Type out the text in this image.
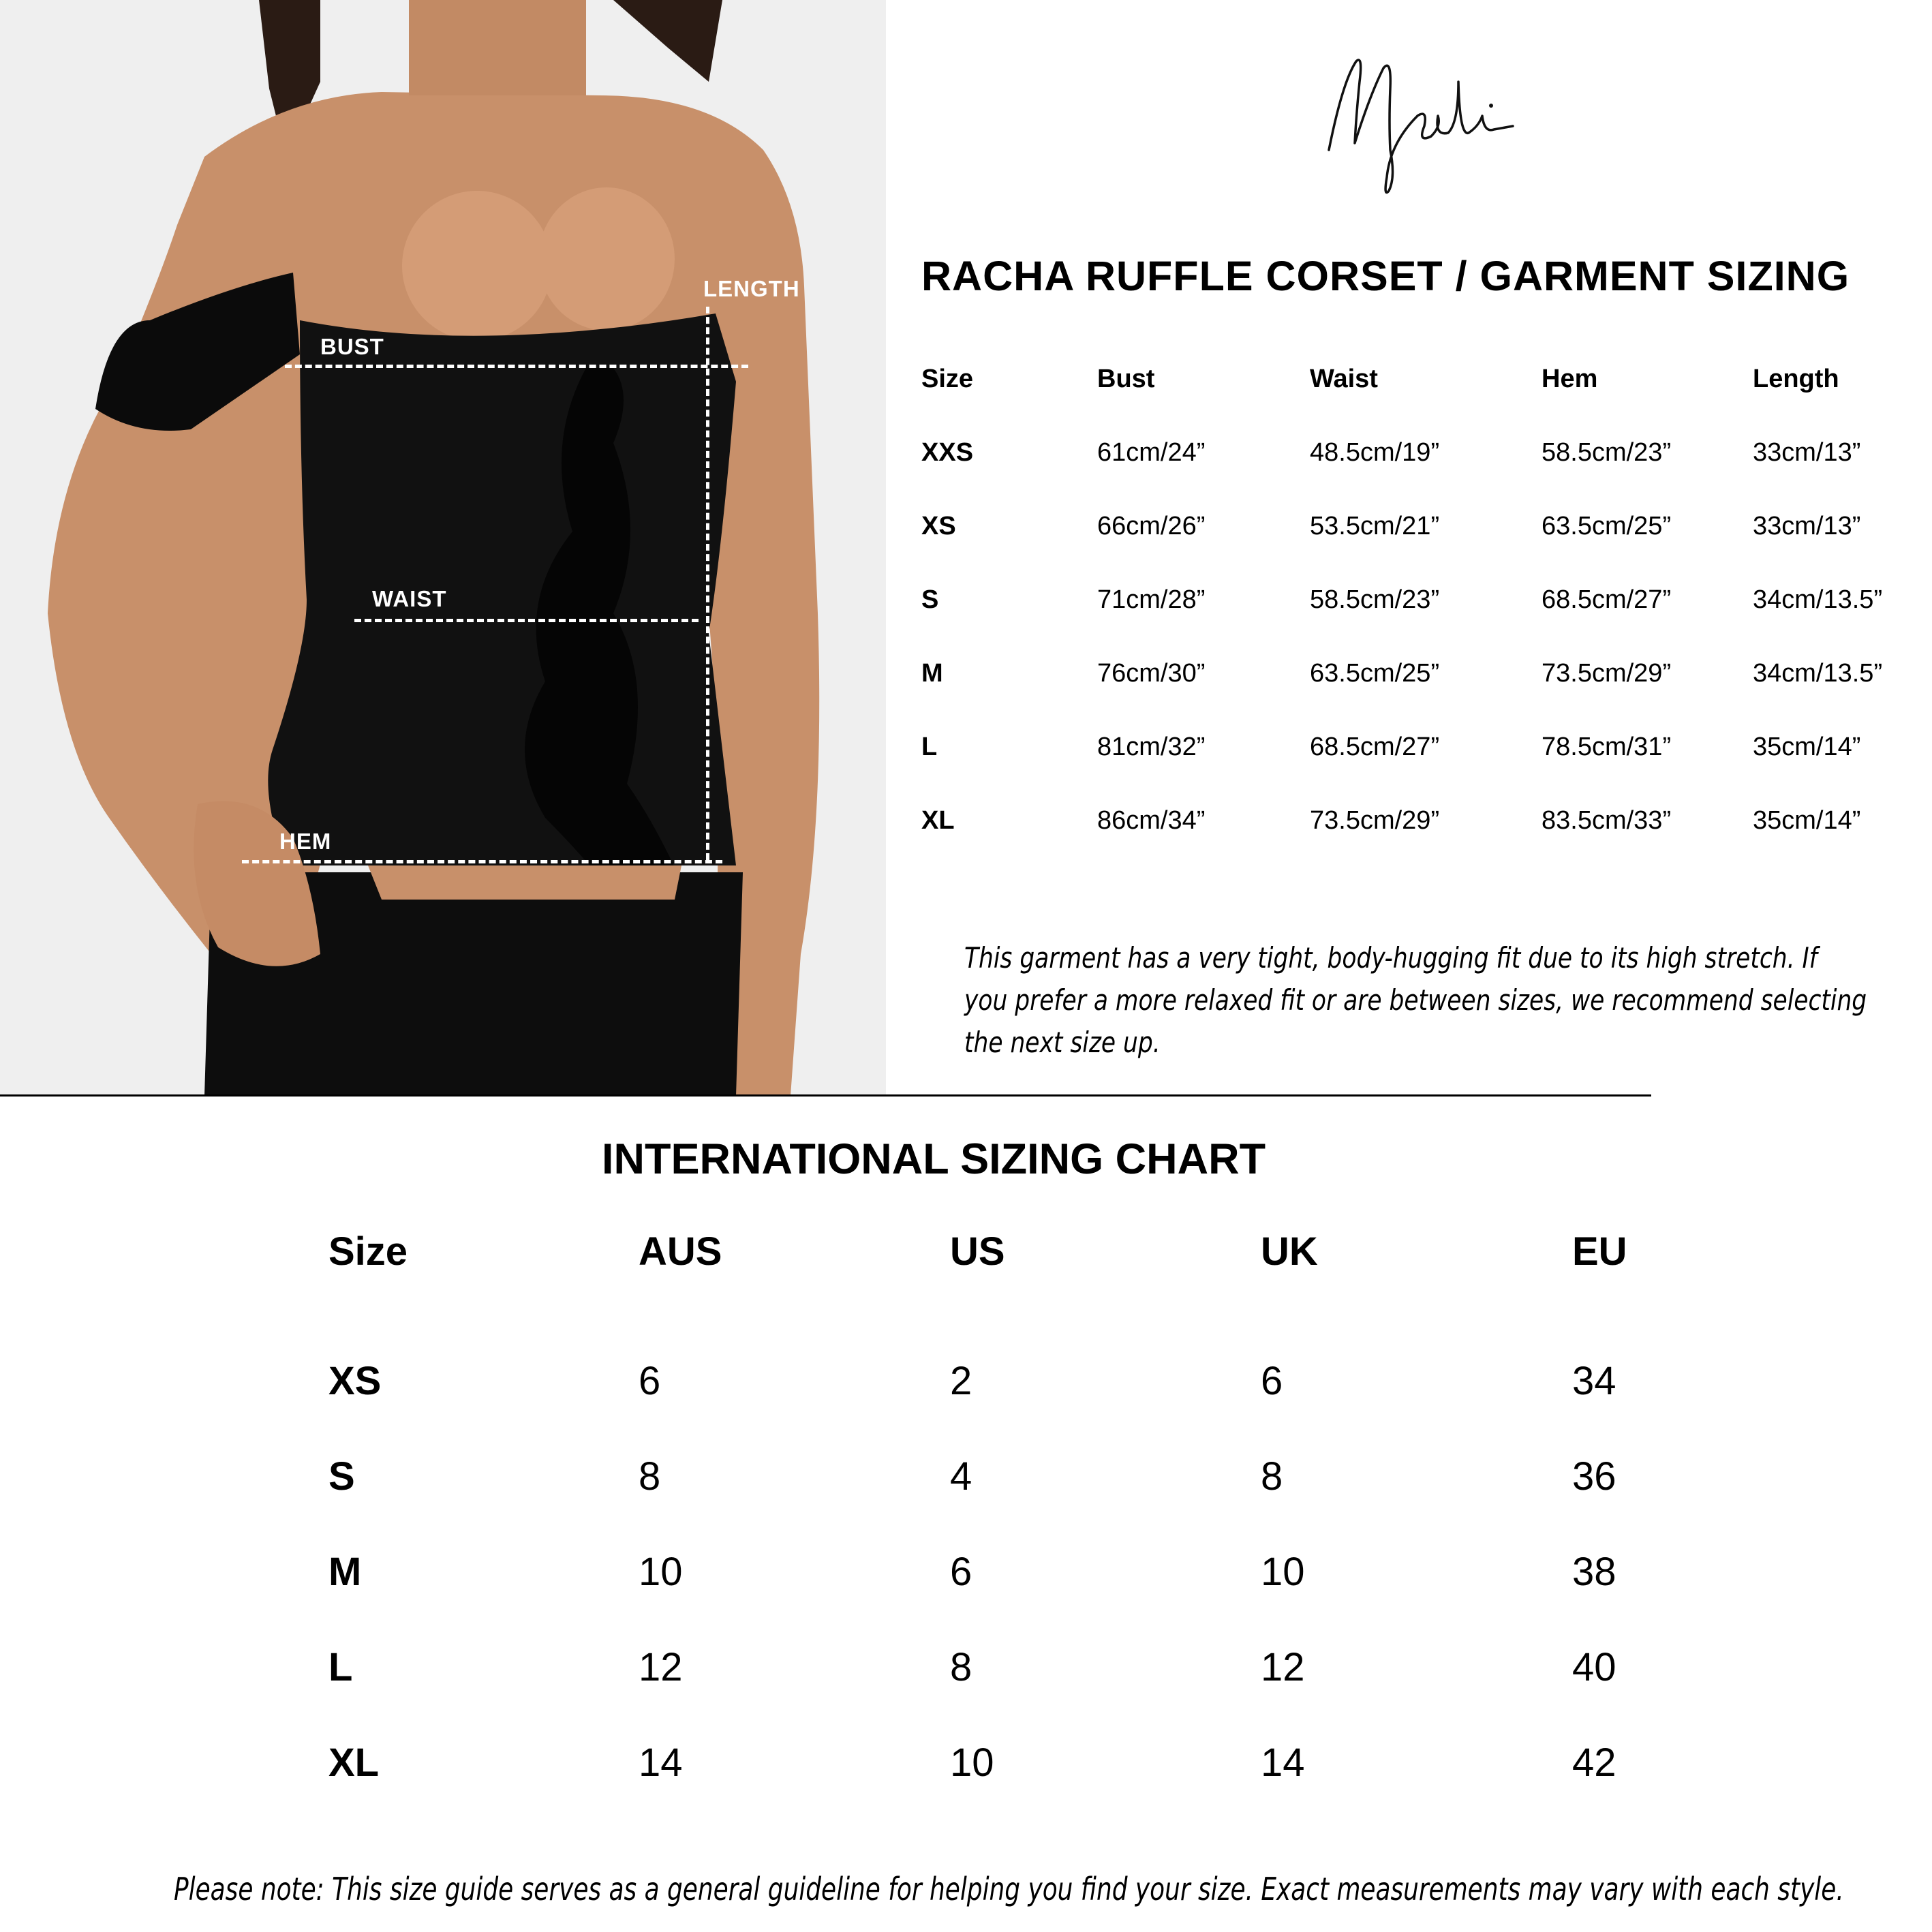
BUST
WAIST
HEM
LENGTH	RACHA RUFFLE CORSET / GARMENT SIZING
Size	Bust	Waist	Hem	Length
XXS	61cm/24”	48.5cm/19”	58.5cm/23”	33cm/13”
XS	66cm/26”	53.5cm/21”	63.5cm/25”	33cm/13”
S	71cm/28”	58.5cm/23”	68.5cm/27”	34cm/13.5”
M	76cm/30”	63.5cm/25”	73.5cm/29”	34cm/13.5”
L	81cm/32”	68.5cm/27”	78.5cm/31”	35cm/14”
XL	86cm/34”	73.5cm/29”	83.5cm/33”	35cm/14”
This garment has a very tight, body-hugging fit due to its high stretch. If
you prefer a more relaxed fit or are between sizes, we recommend selecting
the next size up.
INTERNATIONAL SIZING CHART
Size	AUS	US	UK	EU
XS	6	2	6	34
S	8	4	8	36
M	10	6	10	38
L	12	8	12	40
XL	14	10	14	42
Please note: This size guide serves as a general guideline for helping you find your size. Exact measurements may vary with each style.
